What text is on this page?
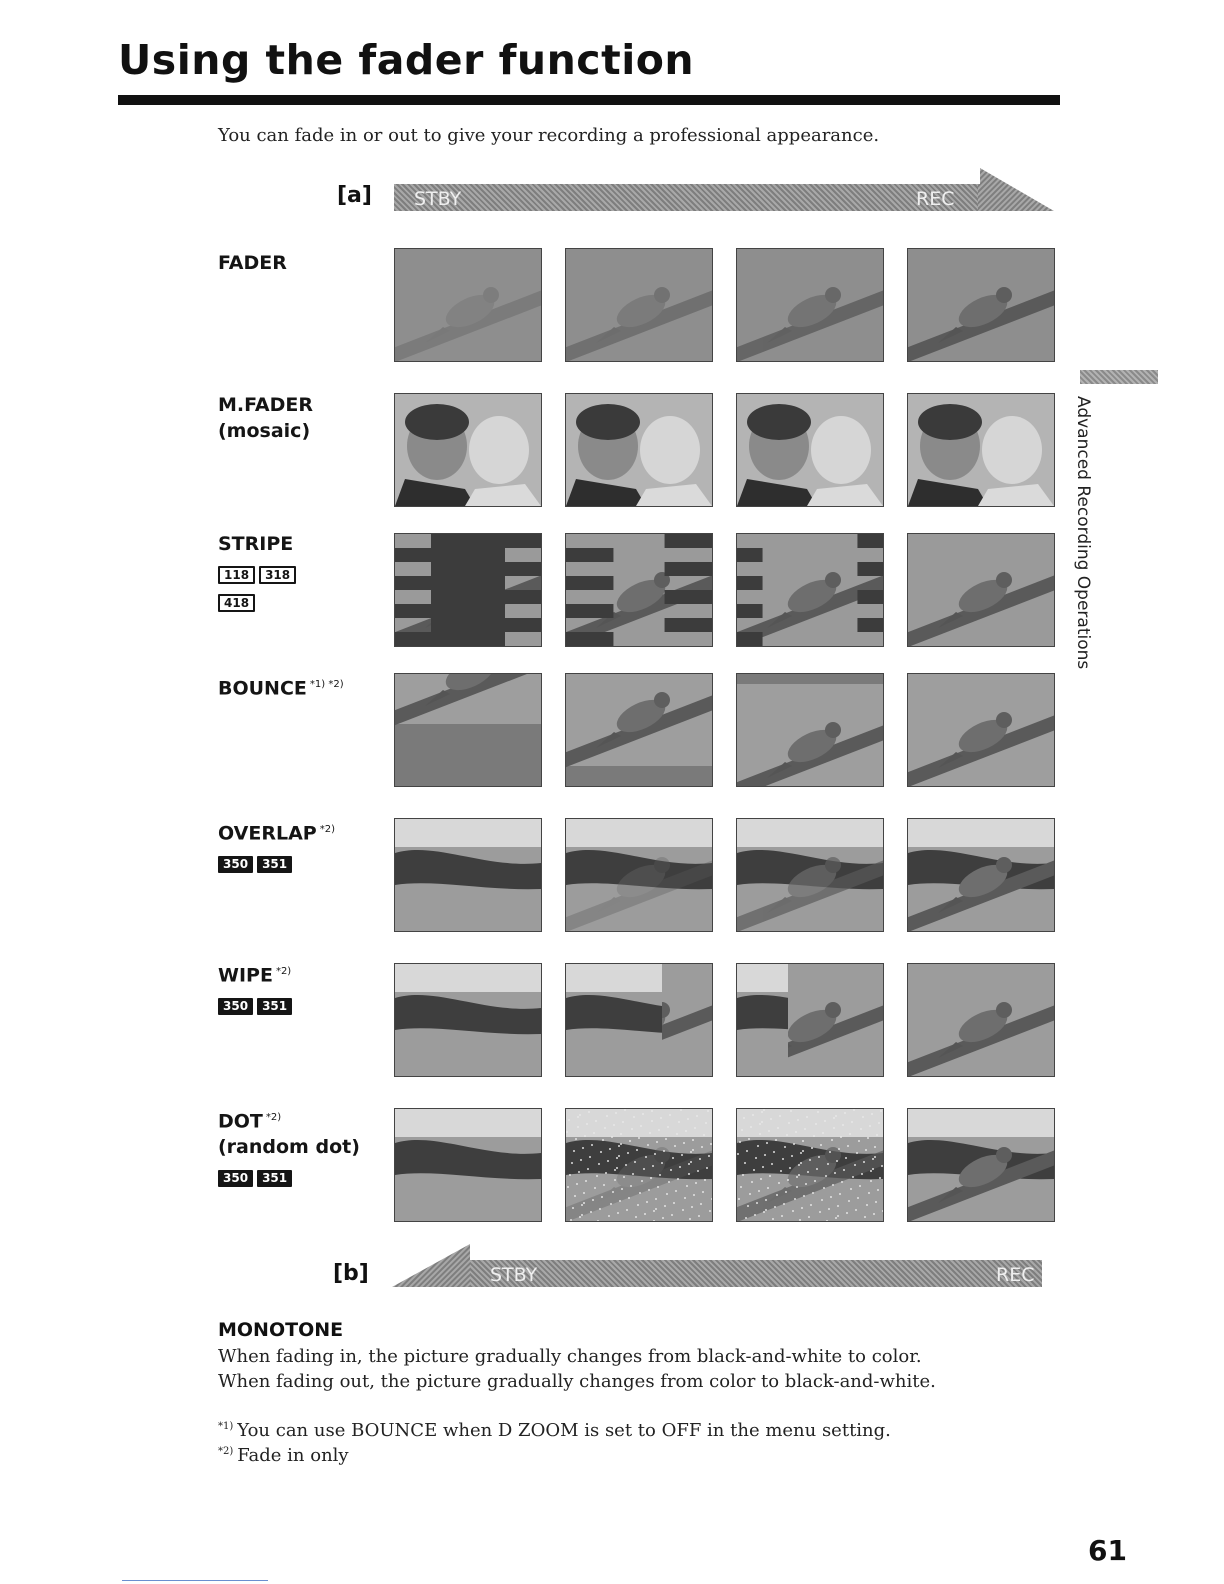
Using the fader function
You can fade in or out to give your recording a professional appearance.
[a] STBY	REC
Advanced Recording Operations
FADER
M.FADER
(mosaic)
STRIPE
118 318
418
BOUNCE $^{*1) *2)}$
OVERLAP $^{*2)}$
350 351
WIPE $^{*2)}$
350 351
DOT $^{*2)}$
(random dot)
350 351
[b]	STBY	REC
MONOTONE
When fading in, the picture gradually changes from black-and-white to color.
When fading out, the picture gradually changes from color to black-and-white.
$^{*1)}$ You can use BOUNCE when D ZOOM is set to OFF in the menu setting.
$^{*2)}$ Fade in only
61
